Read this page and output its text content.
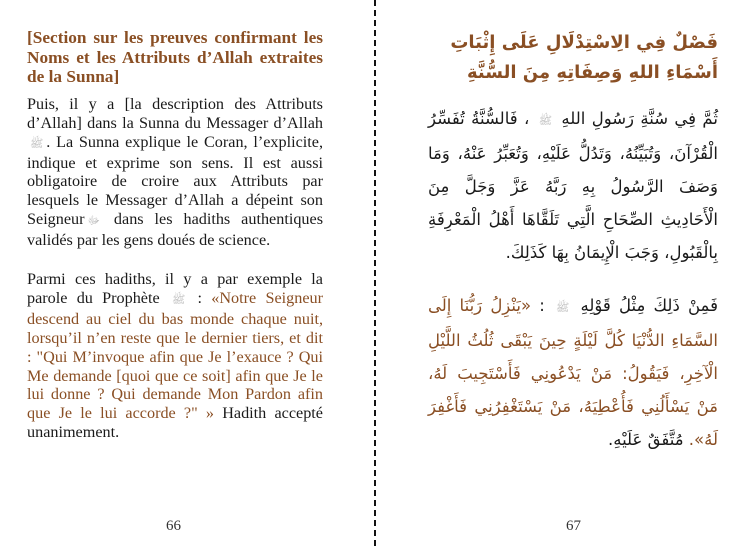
[Section sur les preuves confirmant les Noms et les Attributs d’Allah extraites de la Sunna]

Puis, il y a [la description des Attributs d’Allah] dans la Sunna du Messager d’Allah ﷺ . La Sunna explique le Coran, l’explicite, indique et exprime son sens. Il est aussi obligatoire de croire aux Attributs par lesquels le Messager d’Allah a dépeint son Seigneur ﷻ dans les hadiths authentiques validés par les gens doués de science.

Parmi ces hadiths, il y a par exemple la parole du Prophète ﷺ : «Notre Seigneur descend au ciel du bas monde chaque nuit, lorsqu’il n’en reste que le dernier tiers, et dit : "Qui M’invoque afin que Je l’exauce ? Qui Me demande [quoi que ce soit] afin que Je le lui donne ? Qui demande Mon Pardon afin que Je le lui accorde ?" » Hadith accepté unanimement.

66
فَصْلٌ فِي الِاسْتِدْلَالِ عَلَى إِثْبَاتِ أَسْمَاءِ اللهِ وَصِفَاتِهِ مِنَ السُّنَّةِ

ثُمَّ فِي سُنَّةِ رَسُولِ اللهِ ﷺ ، فَالسُّنَّةُ تُفَسِّرُ الْقُرْآنَ، وَتُبَيِّنُهُ، وَتَدُلُّ عَلَيْهِ، وَتُعَبِّرُ عَنْهُ، وَمَا وَصَفَ الرَّسُولُ بِهِ رَبَّهُ عَزَّ وَجَلَّ مِنَ الْأَحَادِيثِ الصِّحَاحِ الَّتِي تَلَقَّاهَا أَهْلُ الْمَعْرِفَةِ بِالْقَبُولِ، وَجَبَ الْإِيمَانُ بِهَا كَذَلِكَ.

فَمِنْ ذَلِكَ مِثْلُ قَوْلِهِ ﷺ : «يَنْزِلُ رَبُّنَا إِلَى السَّمَاءِ الدُّنْيَا كُلَّ لَيْلَةٍ حِينَ يَبْقَى ثُلُثُ اللَّيْلِ الْآخِرِ، فَيَقُولُ: مَنْ يَدْعُونِي فَأَسْتَجِيبَ لَهُ، مَنْ يَسْأَلُنِي فَأُعْطِيَهُ، مَنْ يَسْتَغْفِرُنِي فَأَغْفِرَ لَهُ». مُتَّفَقٌ عَلَيْهِ.

67
